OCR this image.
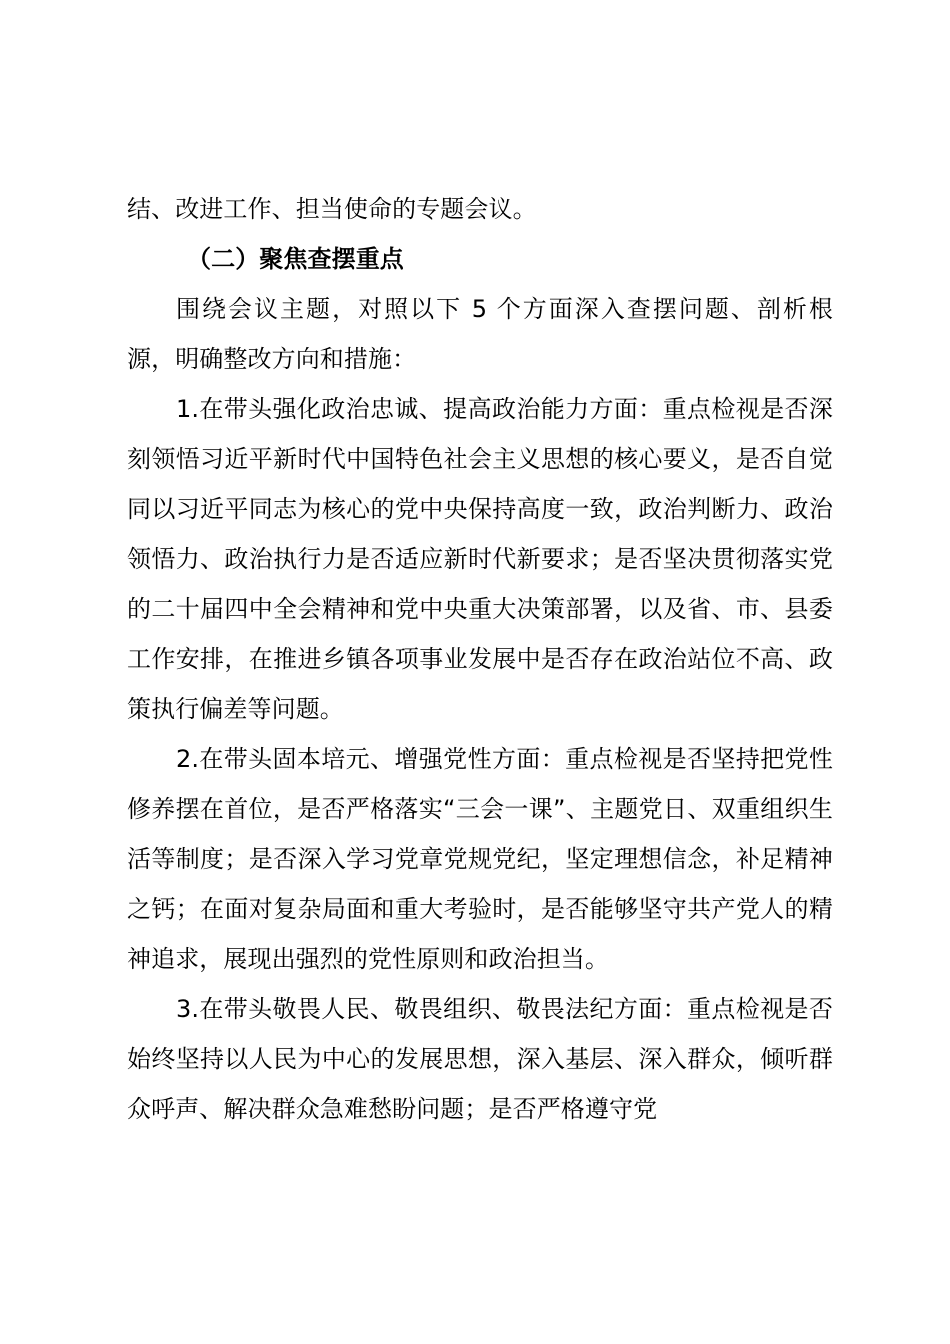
结、改进工作、担当使命的专题会议。

（二）聚焦查摆重点

围绕会议主题，对照以下 5 个方面深入查摆问题、剖析根源，明确整改方向和措施：

1.在带头强化政治忠诚、提高政治能力方面：重点检视是否深刻领悟习近平新时代中国特色社会主义思想的核心要义，是否自觉同以习近平同志为核心的党中央保持高度一致，政治判断力、政治领悟力、政治执行力是否适应新时代新要求；是否坚决贯彻落实党的二十届四中全会精神和党中央重大决策部署，以及省、市、县委工作安排，在推进乡镇各项事业发展中是否存在政治站位不高、政策执行偏差等问题。

2.在带头固本培元、增强党性方面：重点检视是否坚持把党性修养摆在首位，是否严格落实“三会一课”、主题党日、双重组织生活等制度；是否深入学习党章党规党纪，坚定理想信念，补足精神之钙；在面对复杂局面和重大考验时，是否能够坚守共产党人的精神追求，展现出强烈的党性原则和政治担当。

3.在带头敬畏人民、敬畏组织、敬畏法纪方面：重点检视是否始终坚持以人民为中心的发展思想，深入基层、深入群众，倾听群众呼声、解决群众急难愁盼问题；是否严格遵守党
